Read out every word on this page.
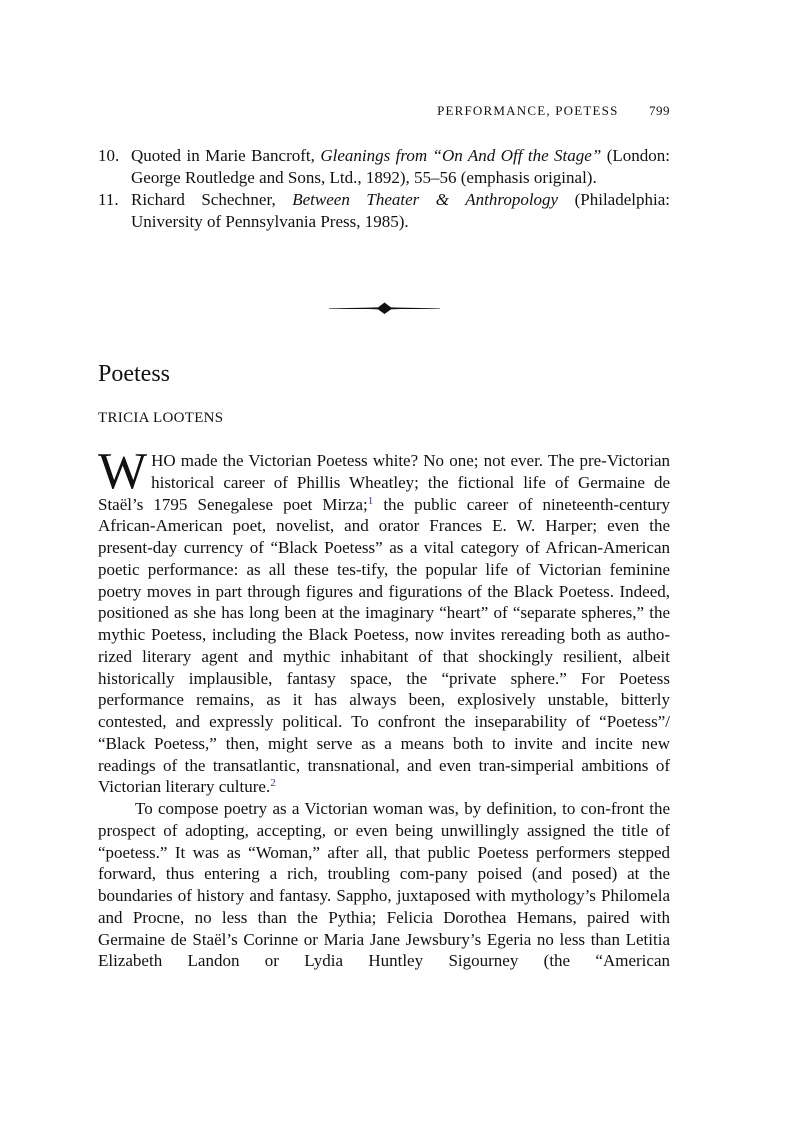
PERFORMANCE, POETESS 799
10. Quoted in Marie Bancroft, Gleanings from “On And Off the Stage” (London: George Routledge and Sons, Ltd., 1892), 55–56 (emphasis original).
11. Richard Schechner, Between Theater & Anthropology (Philadelphia: University of Pennsylvania Press, 1985).
Poetess
TRICIA LOOTENS

WHO made the Victorian Poetess white? No one; not ever. The pre-Victorian historical career of Phillis Wheatley; the fictional life of Germaine de Staël’s 1795 Senegalese poet Mirza;$^1$ the public career of nineteenth-century African-American poet, novelist, and orator Frances E. W. Harper; even the present-day currency of “Black Poetess” as a vital category of African-American poetic performance: as all these tes-tify, the popular life of Victorian feminine poetry moves in part through figures and figurations of the Black Poetess. Indeed, positioned as she has long been at the imaginary “heart” of “separate spheres,” the mythic Poetess, including the Black Poetess, now invites rereading both as autho-rized literary agent and mythic inhabitant of that shockingly resilient, albeit historically implausible, fantasy space, the “private sphere.” For Poetess performance remains, as it has always been, explosively unstable, bitterly contested, and expressly political. To confront the inseparability of “Poetess”/ “Black Poetess,” then, might serve as a means both to invite and incite new readings of the transatlantic, transnational, and even tran-simperial ambitions of Victorian literary culture.$^2$

To compose poetry as a Victorian woman was, by definition, to con-front the prospect of adopting, accepting, or even being unwillingly assigned the title of “poetess.” It was as “Woman,” after all, that public Poetess performers stepped forward, thus entering a rich, troubling com-pany poised (and posed) at the boundaries of history and fantasy. Sappho, juxtaposed with mythology’s Philomela and Procne, no less than the Pythia; Felicia Dorothea Hemans, paired with Germaine de Staël’s Corinne or Maria Jane Jewsbury’s Egeria no less than Letitia Elizabeth Landon or Lydia Huntley Sigourney (the “American
